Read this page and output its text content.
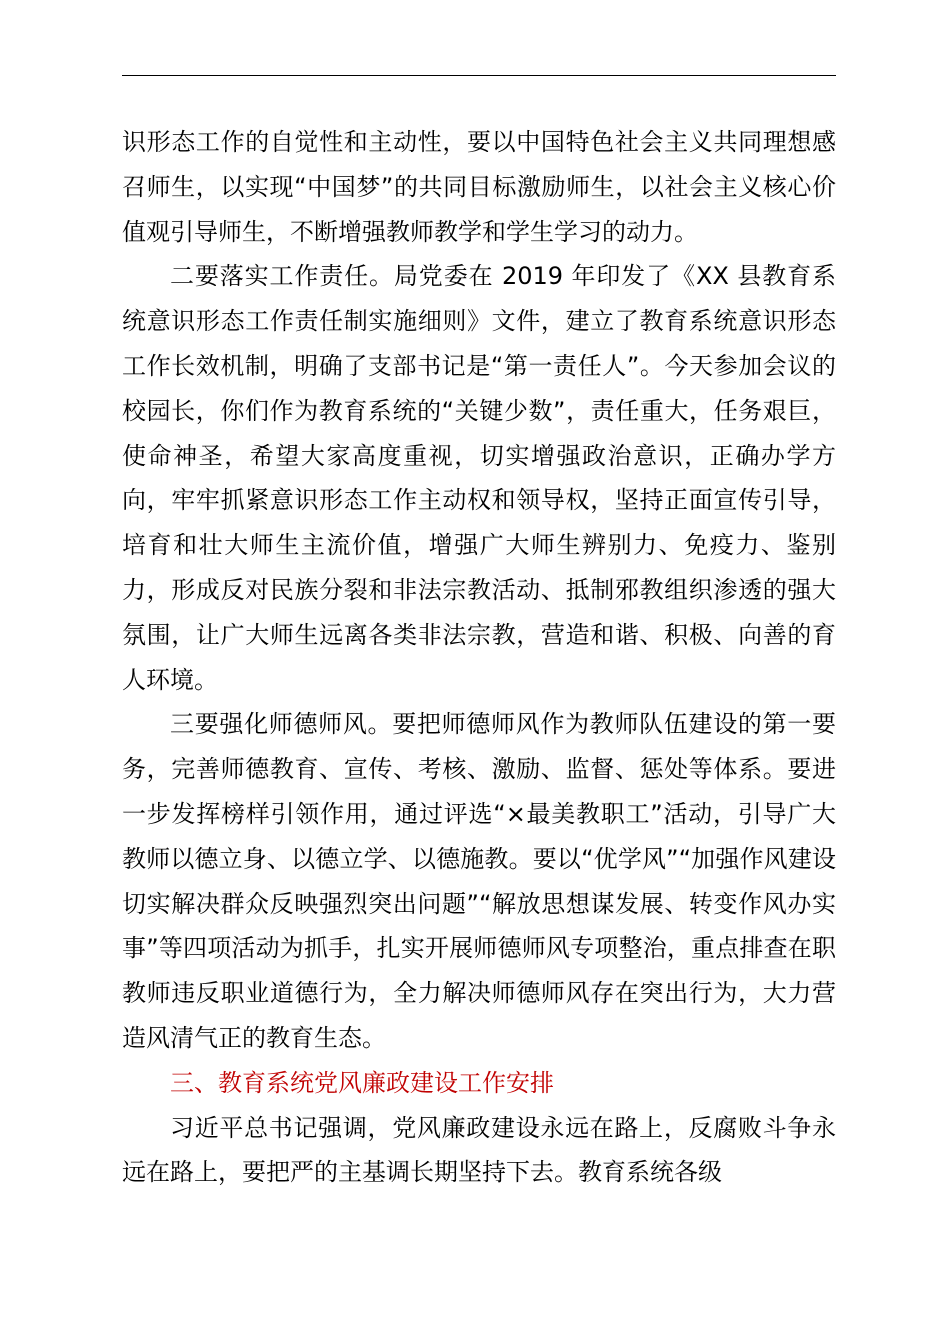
识形态工作的自觉性和主动性，要以中国特色社会主义共同理想感召师生，以实现“中国梦”的共同目标激励师生，以社会主义核心价值观引导师生，不断增强教师教学和学生学习的动力。

二要落实工作责任。局党委在 2019 年印发了《XX 县教育系统意识形态工作责任制实施细则》文件，建立了教育系统意识形态工作长效机制，明确了支部书记是“第一责任人”。今天参加会议的校园长，你们作为教育系统的“关键少数”，责任重大，任务艰巨，使命神圣，希望大家高度重视，切实增强政治意识，正确办学方向，牢牢抓紧意识形态工作主动权和领导权，坚持正面宣传引导，培育和壮大师生主流价值，增强广大师生辨别力、免疫力、鉴别力，形成反对民族分裂和非法宗教活动、抵制邪教组织渗透的强大氛围，让广大师生远离各类非法宗教，营造和谐、积极、向善的育人环境。

三要强化师德师风。要把师德师风作为教师队伍建设的第一要务，完善师德教育、宣传、考核、激励、监督、惩处等体系。要进一步发挥榜样引领作用，通过评选“×最美教职工”活动，引导广大教师以德立身、以德立学、以德施教。要以“优学风”“加强作风建设切实解决群众反映强烈突出问题”“解放思想谋发展、转变作风办实事”等四项活动为抓手，扎实开展师德师风专项整治，重点排查在职教师违反职业道德行为，全力解决师德师风存在突出行为，大力营造风清气正的教育生态。

三、教育系统党风廉政建设工作安排

习近平总书记强调，党风廉政建设永远在路上，反腐败斗争永远在路上，要把严的主基调长期坚持下去。教育系统各级
